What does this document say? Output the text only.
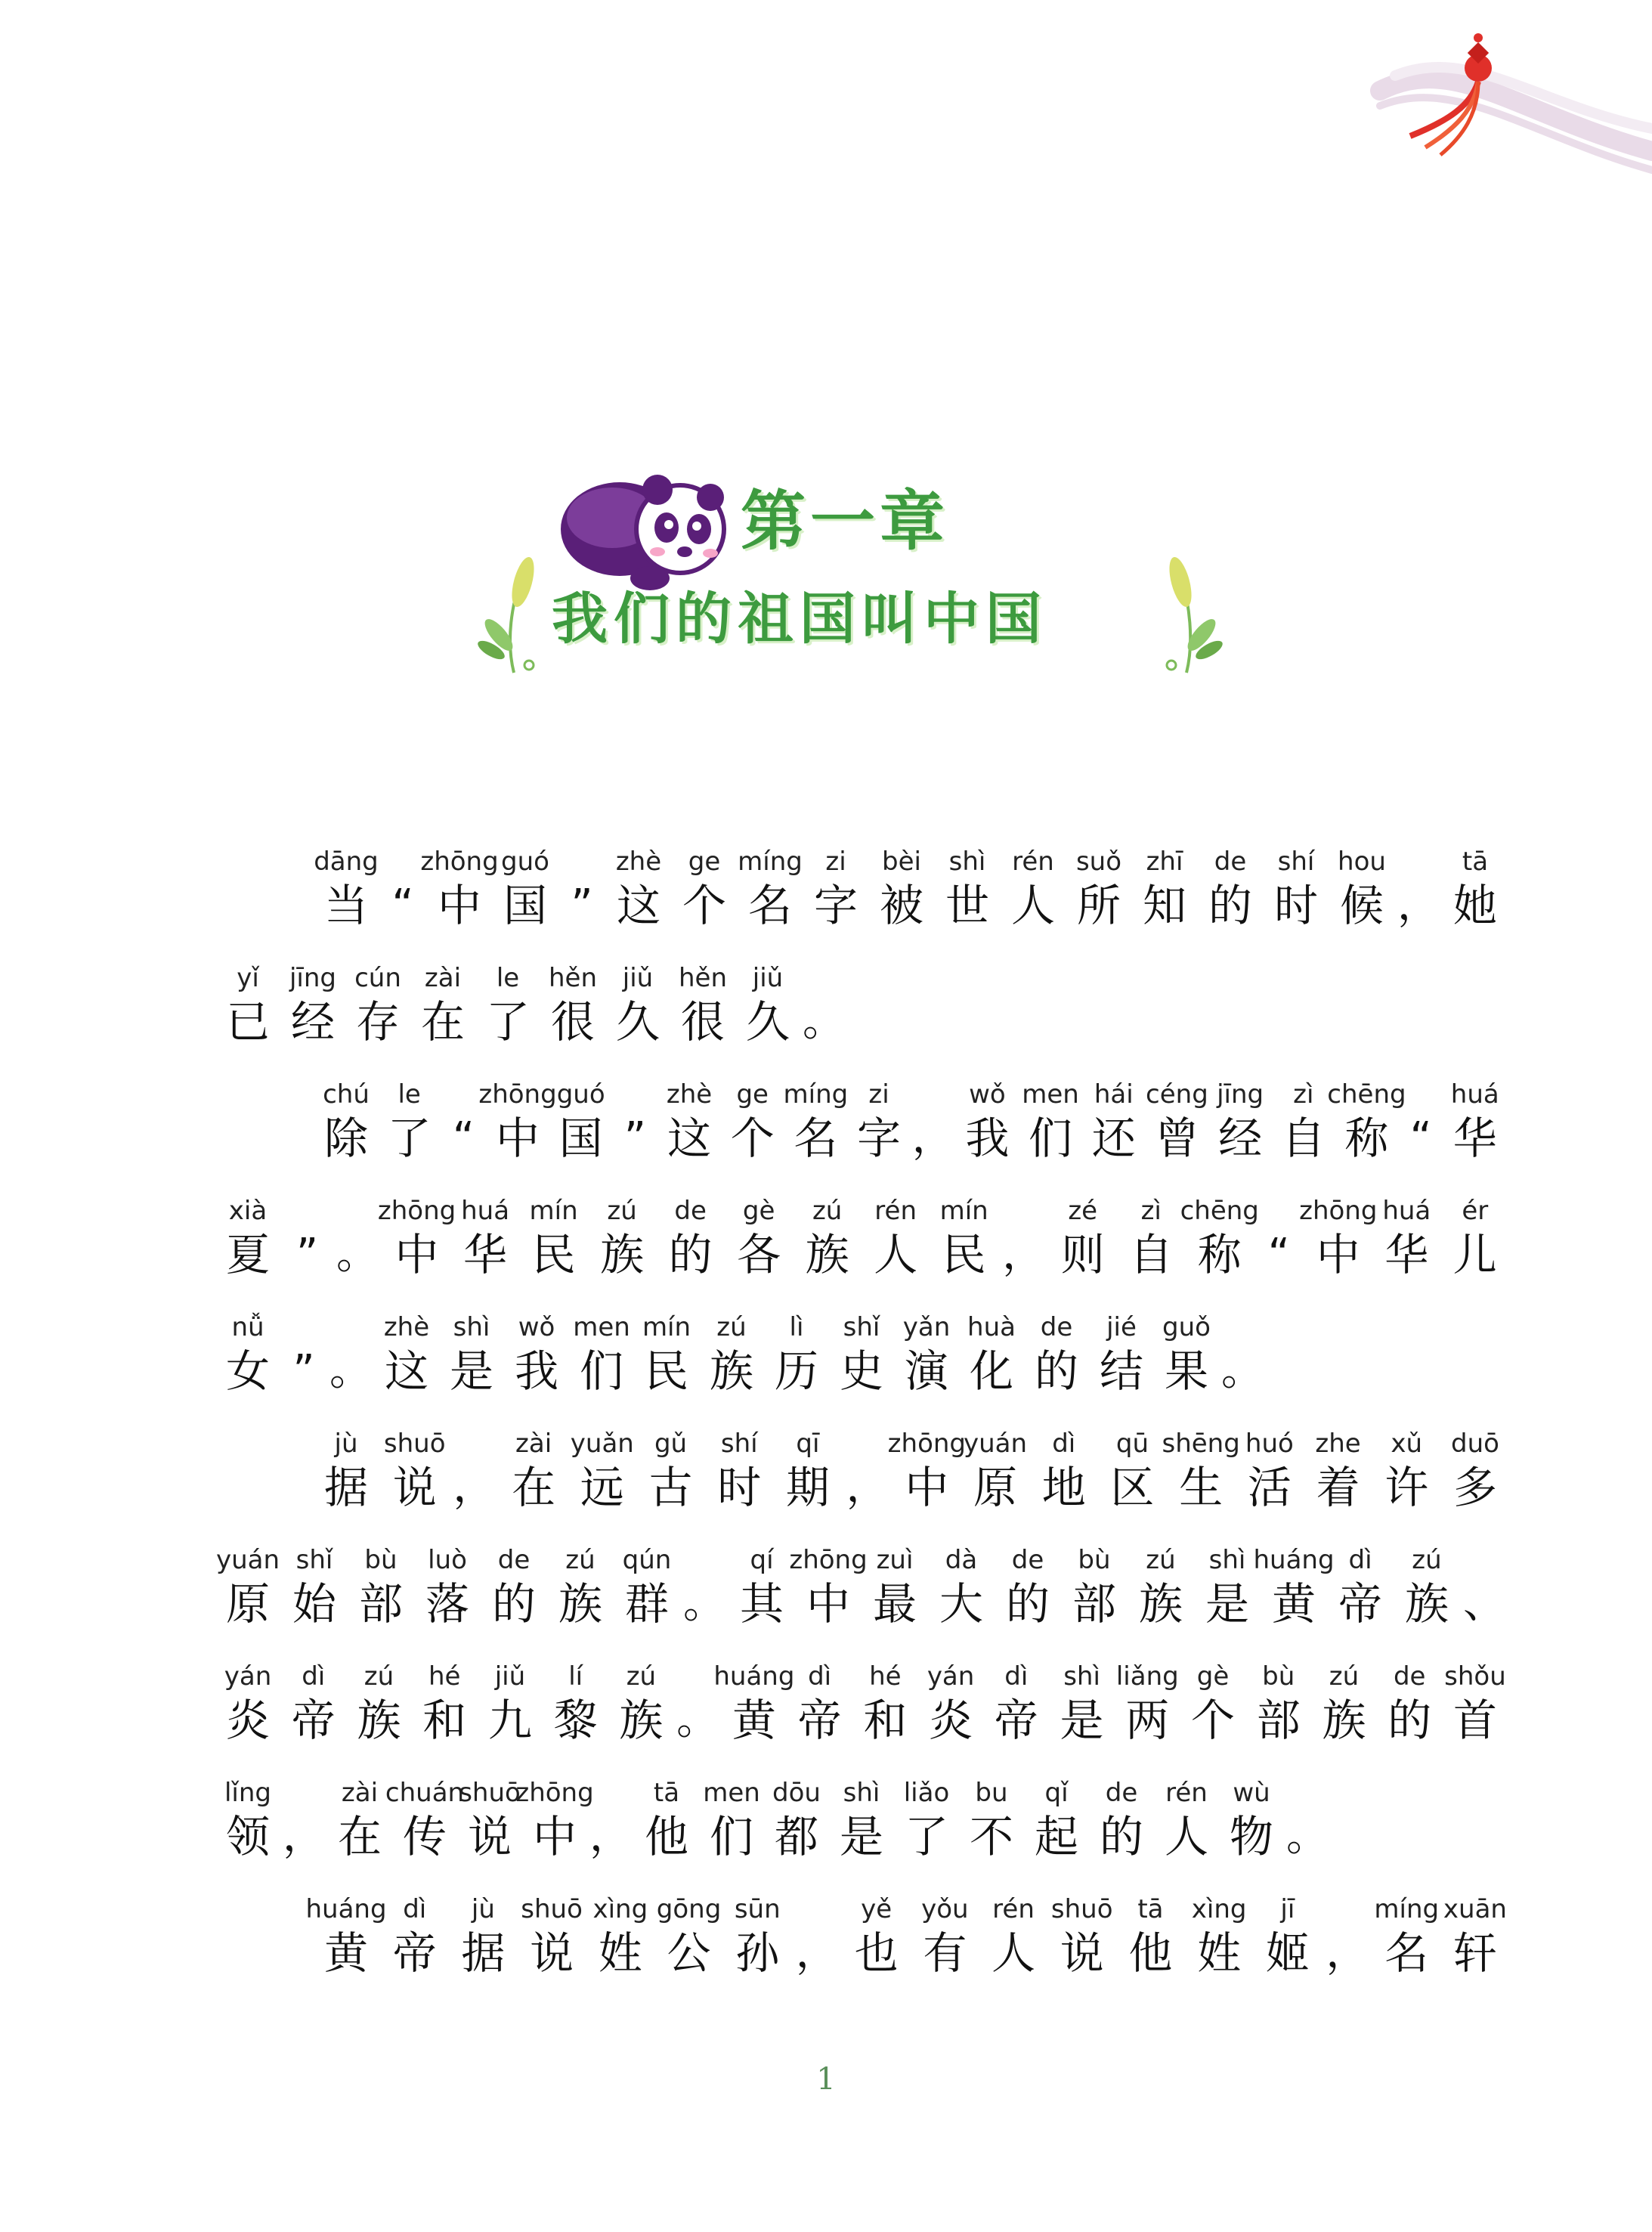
第一章
我们的祖国叫中国
dāng
当 “
zhōng
中
guó
国 ”
zhè
这
ge
个
míng
名
zi
字
bèi
被
shì
世
rén
人
suǒ
所
zhī
知
de
的
shí
时
hou
候 ，
tā
她
yǐ
已
jīng
经
cún
存
zài
在
le
了
hěn
很
jiǔ
久
hěn
很
jiǔ
久 。
chú
除
le
了 “
zhōng
中
guó
国 ”
zhè
这
ge
个
míng
名
zi
字 ，
wǒ
我
men
们
hái
还
céng
曾
jīng
经
zì
自
chēng
称 “
huá
华
xià
夏 ” 。
zhōng
中
huá
华
mín
民
zú
族
de
的
gè
各
zú
族
rén
人
mín
民 ，
zé
则
zì
自
chēng
称 “
zhōng
中
huá
华
ér
儿
nǚ
女 ” 。
zhè
这
shì
是
wǒ
我
men
们
mín
民
zú
族
lì
历
shǐ
史
yǎn
演
huà
化
de
的
jié
结
guǒ
果 。
jù
据
shuō
说 ，
zài
在
yuǎn
远
gǔ
古
shí
时
qī
期 ，
zhōng
中
yuán
原
dì
地
qū
区
shēng
生
huó
活
zhe
着
xǔ
许
duō
多
yuán
原
shǐ
始
bù
部
luò
落
de
的
zú
族
qún
群 。
qí
其
zhōng
中
zuì
最
dà
大
de
的
bù
部
zú
族
shì
是
huáng
黄
dì
帝
zú
族 、
yán
炎
dì
帝
zú
族
hé
和
jiǔ
九
lí
黎
zú
族 。
huáng
黄
dì
帝
hé
和
yán
炎
dì
帝
shì
是
liǎng
两
gè
个
bù
部
zú
族
de
的
shǒu
首
lǐng
领 ，
zài
在
chuán
传
shuō
说
zhōng
中 ，
tā
他
men
们
dōu
都
shì
是
liǎo
了
bu
不
qǐ
起
de
的
rén
人
wù
物 。
huáng
黄
dì
帝
jù
据
shuō
说
xìng
姓
gōng
公
sūn
孙 ，
yě
也
yǒu
有
rén
人
shuō
说
tā
他
xìng
姓
jī
姬 ，
míng
名
xuān
轩
1
